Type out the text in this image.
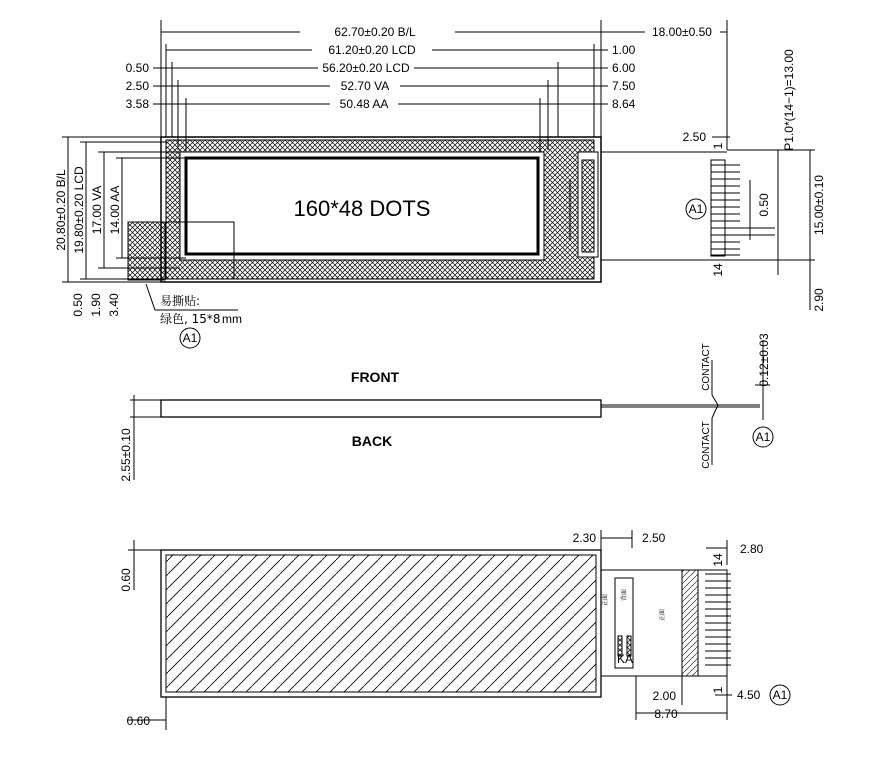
62.70±0.20 B/L
61.20±0.20 LCD
56.20±0.20 LCD
52.70 VA
50.48 AA
0.50
2.50
3.58
18.00±0.50
1.00
6.00
7.50
8.64
20.80±0.20 B/L 19.80±0.20 LCD 17.00 VA 14.00 AA
0.50 1.90 3.40
P1.0*(14−1)=13.00
15.00±0.10
0.50
2.50
2.90
1
14
160*48 DOTS	A1
A1
A1
A1
易撕贴:
绿色, 15*8 mm
FRONT
BACK
2.55±0.10
0.12±0.03
CONTACT
CONTACT
0.60
0.60
2.30	2.50
2.80
2.00
8.70
4.50
14
1
KA
正面	背面
正面
